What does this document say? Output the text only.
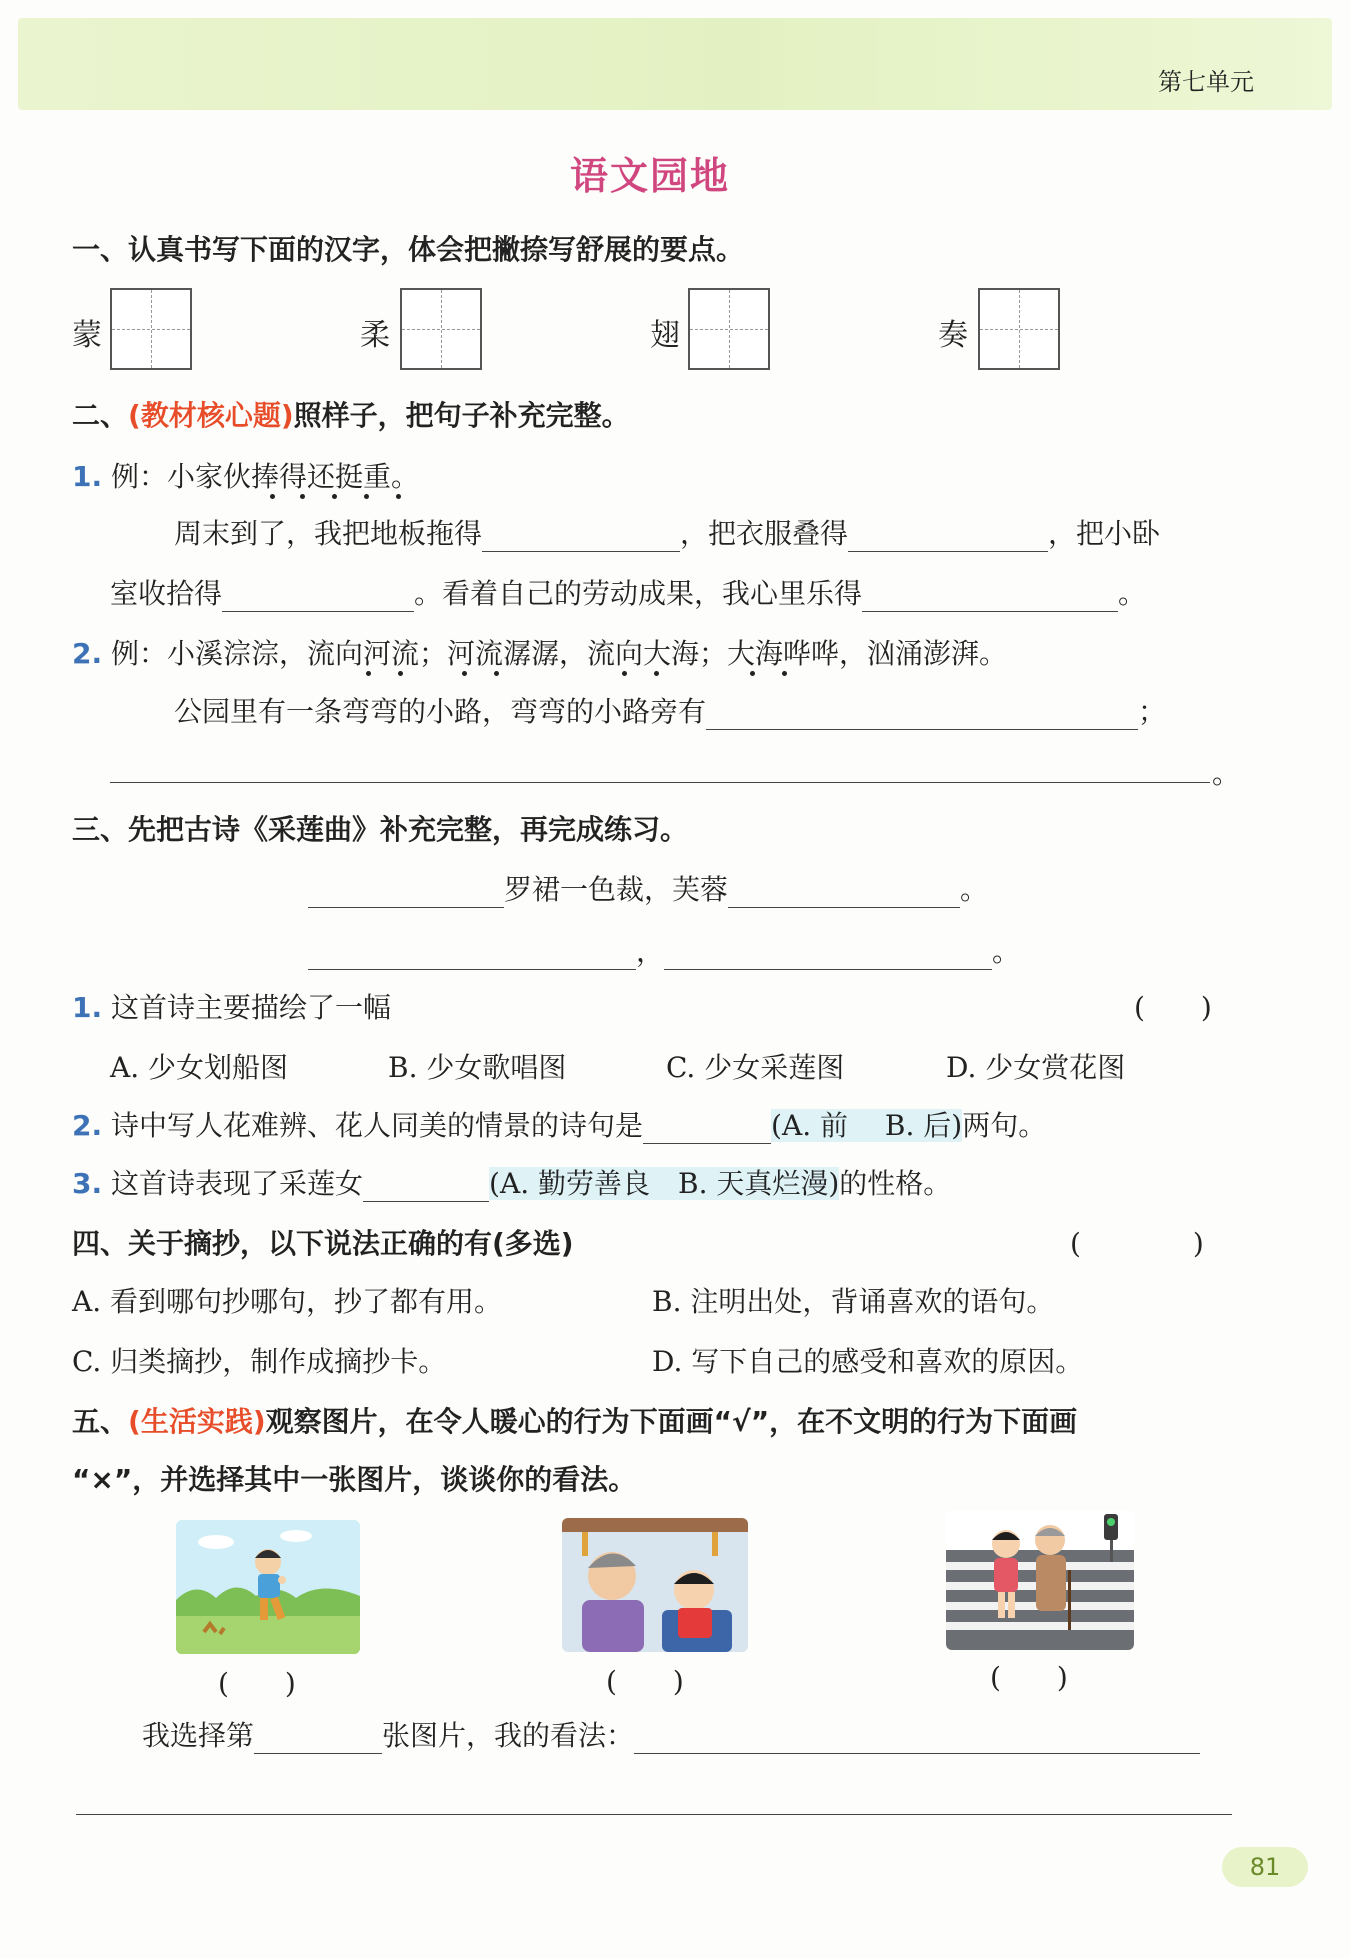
第七单元
语文园地
一、认真书写下面的汉字，体会把撇捺写舒展的要点。
蒙	柔	翅	奏
二、(教材核心题)照样子，把句子补充完整。
1. 例：小家伙捧得还挺重。
周末到了，我把地板拖得	，把衣服叠得	，把小卧
室收拾得	。看着自己的劳动成果，我心里乐得	。
2. 例：小溪淙淙，流向河流；河流潺潺，流向大海；大海哗哗，汹涌澎湃。
公园里有一条弯弯的小路，弯弯的小路旁有	；
。
三、先把古诗《采莲曲》补充完整，再完成练习。
罗裙一色裁，芙蓉	。
，	。
1. 这首诗主要描绘了一幅	(　　)
A. 少女划船图	B. 少女歌唱图	C. 少女采莲图	D. 少女赏花图
2. 诗中写人花难辨、花人同美的情景的诗句是	(A. 前　 B. 后)两句。
3. 这首诗表现了采莲女	(A. 勤劳善良　B. 天真烂漫)的性格。
四、关于摘抄，以下说法正确的有(多选)	(　　　　)
A. 看到哪句抄哪句，抄了都有用。	B. 注明出处，背诵喜欢的语句。
C. 归类摘抄，制作成摘抄卡。	D. 写下自己的感受和喜欢的原因。
五、(生活实践)观察图片，在令人暖心的行为下面画“√”，在不文明的行为下面画
“×”，并选择其中一张图片，谈谈你的看法。
(　　)	(　　)	(　　)
我选择第	张图片，我的看法：
81
